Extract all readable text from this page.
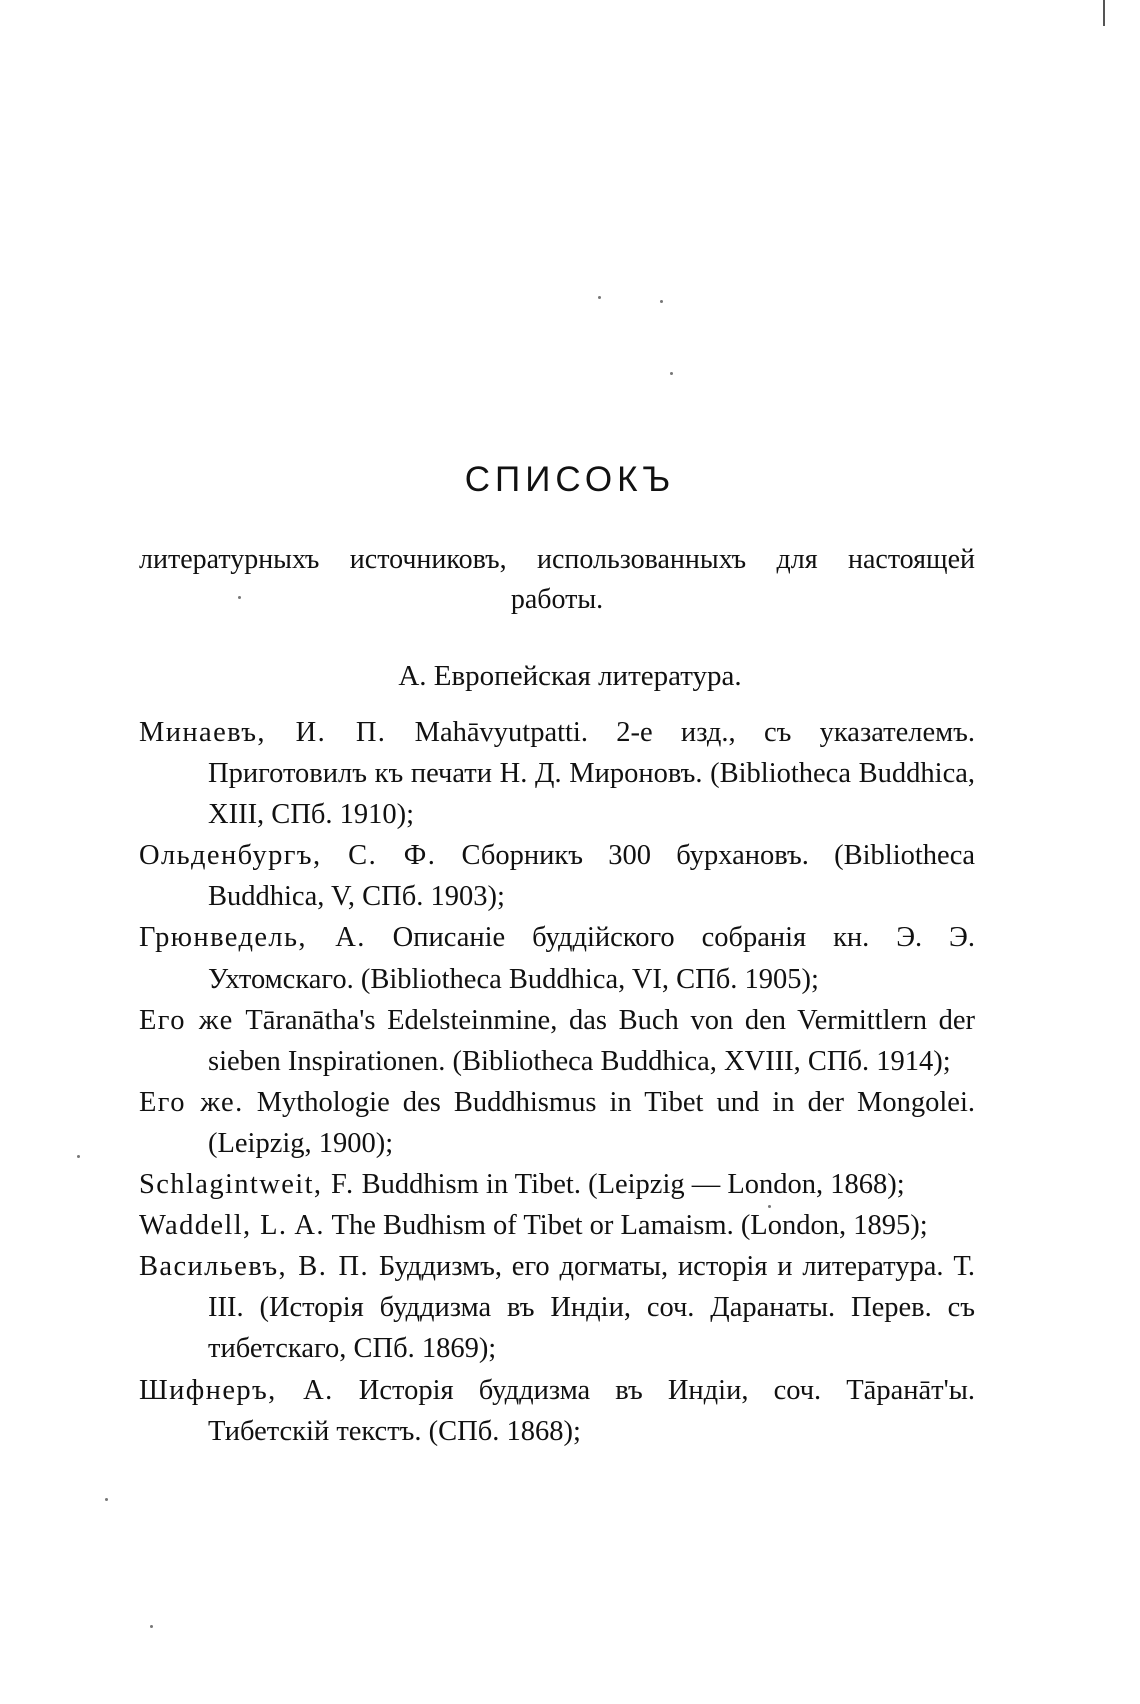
СПИСОКЪ
литературныхъ источниковъ, использованныхъ для настоящей работы.
А. Европейская литература.
Минаевъ, И. П. Mahāvyutpatti. 2-е изд., съ указателемъ. Приготовилъ къ печати Н. Д. Мироновъ. (Bibliotheca Buddhica, XIII, СПб. 1910);
Ольденбургъ, С. Ф. Сборникъ 300 бурхановъ. (Bibliotheca Buddhica, V, СПб. 1903);
Грюнведель, А. Описаніе буддійского собранія кн. Э. Э. Ухтомскаго. (Bibliotheca Buddhica, VI, СПб. 1905);
Его же Tāranātha's Edelsteinmine, das Buch von den Vermittlern der sieben Inspirationen. (Bibliotheca Buddhica, XVIII, СПб. 1914);
Его же. Mythologie des Buddhismus in Tibet und in der Mongolei. (Leipzig, 1900);
Schlagintweit, F. Buddhism in Tibet. (Leipzig — London, 1868);
Waddell, L. A. The Budhism of Tibet or Lamaism. (London, 1895);
Васильевъ, В. П. Буддизмъ, его догматы, исторія и литература. Т. III. (Исторія буддизма въ Индіи, соч. Даранаты. Перев. съ тибетскаго, СПб. 1869);
Шифнеръ, А. Исторія буддизма въ Индіи, соч. Тāранāт'ы. Тибетскій текстъ. (СПб. 1868);
